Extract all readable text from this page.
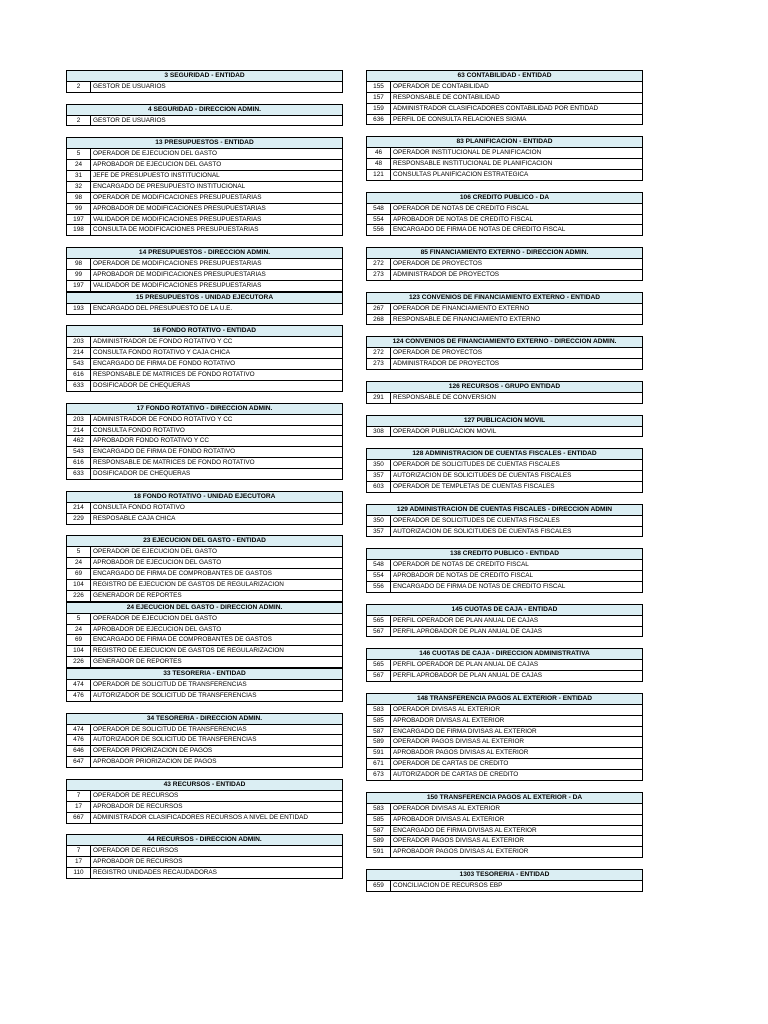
3 SEGURIDAD - ENTIDAD
2	GESTOR DE USUARIOS
4 SEGURIDAD - DIRECCION ADMIN.
2	GESTOR DE USUARIOS
13 PRESUPUESTOS - ENTIDAD
5	OPERADOR DE EJECUCION DEL GASTO
24	APROBADOR DE EJECUCION DEL GASTO
31	JEFE DE PRESUPUESTO INSTITUCIONAL
32	ENCARGADO DE PRESUPUESTO INSTITUCIONAL
98	OPERADOR DE MODIFICACIONES PRESUPUESTARIAS
99	APROBADOR DE MODIFICACIONES PRESUPUESTARIAS
197	VALIDADOR DE MODIFICACIONES PRESUPUESTARIAS
198	CONSULTA DE MODIFICACIONES PRESUPUESTARIAS
14 PRESUPUESTOS - DIRECCION ADMIN.
98	OPERADOR DE MODIFICACIONES PRESUPUESTARIAS
99	APROBADOR DE MODIFICACIONES PRESUPUESTARIAS
197	VALIDADOR DE MODIFICACIONES PRESUPUESTARIAS
15 PRESUPUESTOS - UNIDAD EJECUTORA
193	ENCARGADO DEL PRESUPUESTO DE LA U.E.
16 FONDO ROTATIVO - ENTIDAD
203	ADMINISTRADOR DE FONDO ROTATIVO Y CC
214	CONSULTA FONDO ROTATIVO Y CAJA CHICA
543	ENCARGADO DE FIRMA DE FONDO ROTATIVO
616	RESPONSABLE DE MATRICES DE FONDO ROTATIVO
633	DOSIFICADOR DE CHEQUERAS
17 FONDO ROTATIVO - DIRECCION ADMIN.
203	ADMINISTRADOR DE FONDO ROTATIVO Y CC
214	CONSULTA FONDO ROTATIVO
462	APROBADOR FONDO ROTATIVO Y CC
543	ENCARGADO DE FIRMA DE FONDO ROTATIVO
616	RESPONSABLE DE MATRICES DE FONDO ROTATIVO
633	DOSIFICADOR DE CHEQUERAS
18 FONDO ROTATIVO - UNIDAD EJECUTORA
214	CONSULTA FONDO ROTATIVO
229	RESPOSABLE CAJA CHICA
23 EJECUCION DEL GASTO - ENTIDAD
5	OPERADOR DE EJECUCION DEL GASTO
24	APROBADOR DE EJECUCION DEL GASTO
69	ENCARGADO DE FIRMA DE COMPROBANTES DE GASTOS
104	REGISTRO DE EJECUCION DE GASTOS DE REGULARIZACION
226	GENERADOR DE REPORTES
24 EJECUCION DEL GASTO - DIRECCION ADMIN.
5	OPERADOR DE EJECUCION DEL GASTO
24	APROBADOR DE EJECUCION DEL GASTO
69	ENCARGADO DE FIRMA DE COMPROBANTES DE GASTOS
104	REGISTRO DE EJECUCION DE GASTOS DE REGULARIZACION
226	GENERADOR DE REPORTES
33 TESORERIA - ENTIDAD
474	OPERADOR DE SOLICITUD DE TRANSFERENCIAS
476	AUTORIZADOR DE SOLICITUD DE TRANSFERENCIAS
34 TESORERIA - DIRECCION ADMIN.
474	OPERADOR DE SOLICITUD DE TRANSFERENCIAS
476	AUTORIZADOR DE SOLICITUD DE TRANSFERENCIAS
646	OPERADOR PRIORIZACION DE PAGOS
647	APROBADOR PRIORIZACION DE PAGOS
43 RECURSOS - ENTIDAD
7	OPERADOR DE RECURSOS
17	APROBADOR DE RECURSOS
667	ADMINISTRADOR CLASIFICADORES RECURSOS A NIVEL DE ENTIDAD
44 RECURSOS - DIRECCION ADMIN.
7	OPERADOR DE RECURSOS
17	APROBADOR DE RECURSOS
110	REGISTRO UNIDADES RECAUDADORAS
63 CONTABILIDAD - ENTIDAD
155	OPERADOR DE CONTABILIDAD
157	RESPONSABLE DE CONTABILIDAD
159	ADMINISTRADOR CLASIFICADORES CONTABILIDAD POR ENTIDAD
636	PERFIL DE CONSULTA RELACIONES SIGMA
83 PLANIFICACION - ENTIDAD
46	OPERADOR INSTITUCIONAL DE PLANIFICACION
48	RESPONSABLE INSTITUCIONAL DE PLANIFICACION
121	CONSULTAS PLANIFICACION ESTRATEGICA
106 CREDITO PUBLICO - DA
548	OPERADOR DE NOTAS DE CREDITO FISCAL
554	APROBADOR DE NOTAS DE CREDITO FISCAL
556	ENCARGADO DE FIRMA DE NOTAS DE CREDITO FISCAL
85 FINANCIAMIENTO EXTERNO - DIRECCION ADMIN.
272	OPERADOR DE PROYECTOS
273	ADMINISTRADOR DE PROYECTOS
123 CONVENIOS DE FINANCIAMIENTO EXTERNO - ENTIDAD
267	OPERADOR DE FINANCIAMIENTO EXTERNO
268	RESPONSABLE DE FINANCIAMIENTO EXTERNO
124 CONVENIOS DE FINANCIAMIENTO EXTERNO - DIRECCION ADMIN.
272	OPERADOR DE PROYECTOS
273	ADMINISTRADOR DE PROYECTOS
126 RECURSOS - GRUPO ENTIDAD
291	RESPONSABLE DE CONVERSION
127 PUBLICACION MOVIL
308	OPERADOR PUBLICACION MOVIL
128 ADMINISTRACION DE CUENTAS FISCALES - ENTIDAD
350	OPERADOR DE SOLICITUDES DE CUENTAS FISCALES
357	AUTORIZACION DE SOLICITUDES DE CUENTAS FISCALES
603	OPERADOR DE TEMPLETAS DE CUENTAS FISCALES
129 ADMINISTRACION DE CUENTAS FISCALES - DIRECCION ADMIN
350	OPERADOR DE SOLICITUDES DE CUENTAS FISCALES
357	AUTORIZACION DE SOLICITUDES DE CUENTAS FISCALES
138 CREDITO PUBLICO - ENTIDAD
548	OPERADOR DE NOTAS DE CREDITO FISCAL
554	APROBADOR DE NOTAS DE CREDITO FISCAL
556	ENCARGADO DE FIRMA DE NOTAS DE CREDITO FISCAL
145 CUOTAS DE CAJA - ENTIDAD
565	PERFIL OPERADOR DE PLAN ANUAL DE CAJAS
567	PERFIL APROBADOR DE PLAN ANUAL DE CAJAS
146 CUOTAS DE CAJA - DIRECCION ADMINISTRATIVA
565	PERFIL OPERADOR DE PLAN ANUAL DE CAJAS
567	PERFIL APROBADOR DE PLAN ANUAL DE CAJAS
148 TRANSFERENCIA PAGOS AL EXTERIOR - ENTIDAD
583	OPERADOR DIVISAS AL EXTERIOR
585	APROBADOR DIVISAS AL EXTERIOR
587	ENCARGADO DE FIRMA DIVISAS AL EXTERIOR
589	OPERADOR PAGOS DIVISAS AL EXTERIOR
591	APROBADOR PAGOS DIVISAS AL EXTERIOR
671	OPERADOR DE CARTAS DE CREDITO
673	AUTORIZADOR DE CARTAS DE CREDITO
150 TRANSFERENCIA PAGOS AL EXTERIOR - DA
583	OPERADOR DIVISAS AL EXTERIOR
585	APROBADOR DIVISAS AL EXTERIOR
587	ENCARGADO DE FIRMA DIVISAS AL EXTERIOR
589	OPERADOR PAGOS DIVISAS AL EXTERIOR
591	APROBADOR PAGOS DIVISAS AL EXTERIOR
1303 TESORERIA - ENTIDAD
659	CONCILIACION DE RECURSOS EBP
